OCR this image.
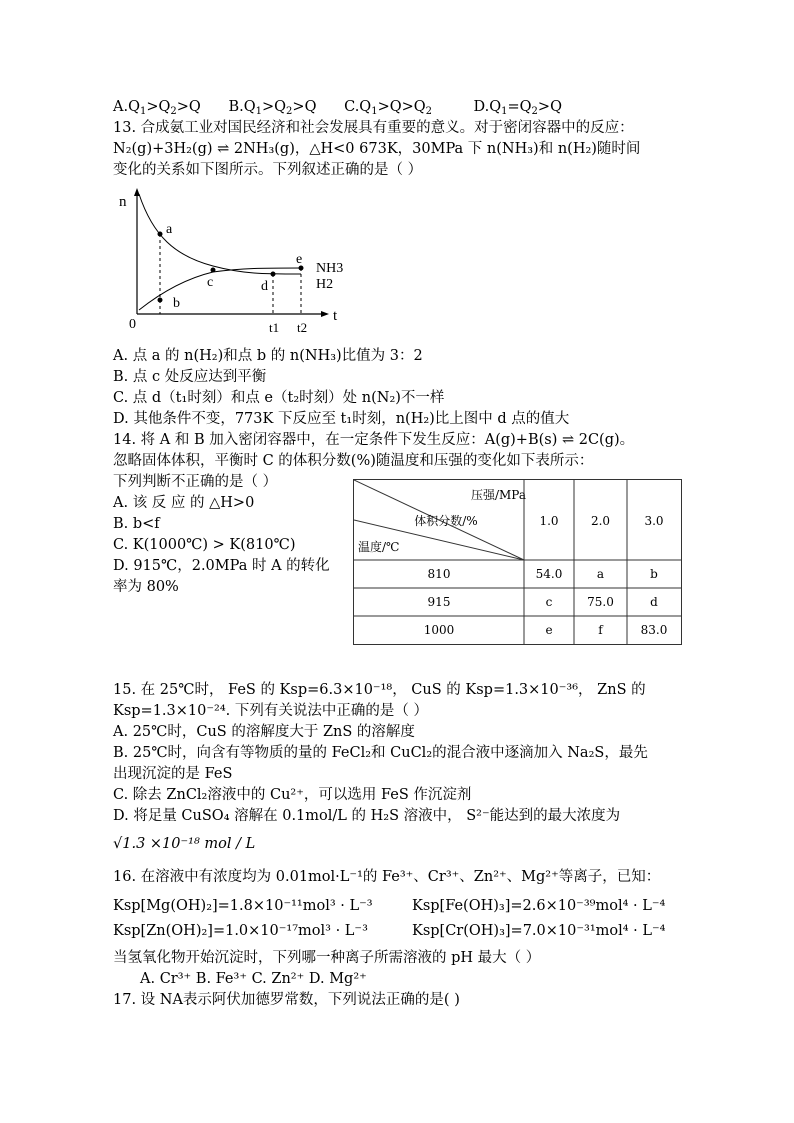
$A.Q_1>Q_2>Q$      $B.Q_1>Q_2>Q$      $C.Q_1>Q>Q_2$	$D.Q_1=Q_2>Q$
13. 合成氨工业对国民经济和社会发展具有重要的意义。对于密闭容器中的反应：
N₂(g)+3H₂(g) ⇌ 2NH₃(g)，△H<0 673K，30MPa 下 n(NH₃)和 n(H₂)随时间
变化的关系如下图所示。下列叙述正确的是（ ）
n
a
b
c	d
e
NH3
H2
0	t1 t2
t
A. 点 a 的 n(H₂)和点 b 的 n(NH₃)比值为 3：2
B. 点 c 处反应达到平衡
C. 点 d（t₁时刻）和点 e（t₂时刻）处 n(N₂)不一样
D. 其他条件不变，773K 下反应至 t₁时刻，n(H₂)比上图中 d 点的值大
14. 将 A 和 B 加入密闭容器中，在一定条件下发生反应：A(g)+B(s) ⇌ 2C(g)。
忽略固体体积，平衡时 C 的体积分数(%)随温度和压强的变化如下表所示：
下列判断不正确的是（ ）
A. 该 反 应 的 △H>0
B. b<f
C. K(1000℃) > K(810℃)
D. 915℃，2.0MPa 时 A 的转化
率为 80%
压强/MPa
体积分数/%
温度/℃
1.0	2.0	3.0
810	54.0	a	b
915	c	75.0	d
1000	e	f	83.0
15. 在 25℃时， FeS 的 Ksp=6.3×10⁻¹⁸， CuS 的 Ksp=1.3×10⁻³⁶， ZnS 的
Ksp=1.3×10⁻²⁴. 下列有关说法中正确的是（ ）
A. 25℃时，CuS 的溶解度大于 ZnS 的溶解度
B. 25℃时，向含有等物质的量的 FeCl₂和 CuCl₂的混合液中逐滴加入 Na₂S，最先
出现沉淀的是 FeS
C. 除去 ZnCl₂溶液中的 Cu²⁺，可以选用 FeS 作沉淀剂
D. 将足量 CuSO₄ 溶解在 0.1mol/L 的 H₂S 溶液中， S²⁻能达到的最大浓度为
√1.3 ×10⁻¹⁸ mol / L
16. 在溶液中有浓度均为 0.01mol·L⁻¹的 Fe³⁺、Cr³⁺、Zn²⁺、Mg²⁺等离子，已知：
Ksp[Mg(OH)₂]=1.8×10⁻¹¹mol³ · L⁻³	Ksp[Fe(OH)₃]=2.6×10⁻³⁹mol⁴ · L⁻⁴
Ksp[Zn(OH)₂]=1.0×10⁻¹⁷mol³ · L⁻³	Ksp[Cr(OH)₃]=7.0×10⁻³¹mol⁴ · L⁻⁴
当氢氧化物开始沉淀时，下列哪一种离子所需溶液的 pH 最大（ ）
A. Cr³⁺ B. Fe³⁺ C. Zn²⁺ D. Mg²⁺
17. 设 NA表示阿伏加德罗常数，下列说法正确的是( )
